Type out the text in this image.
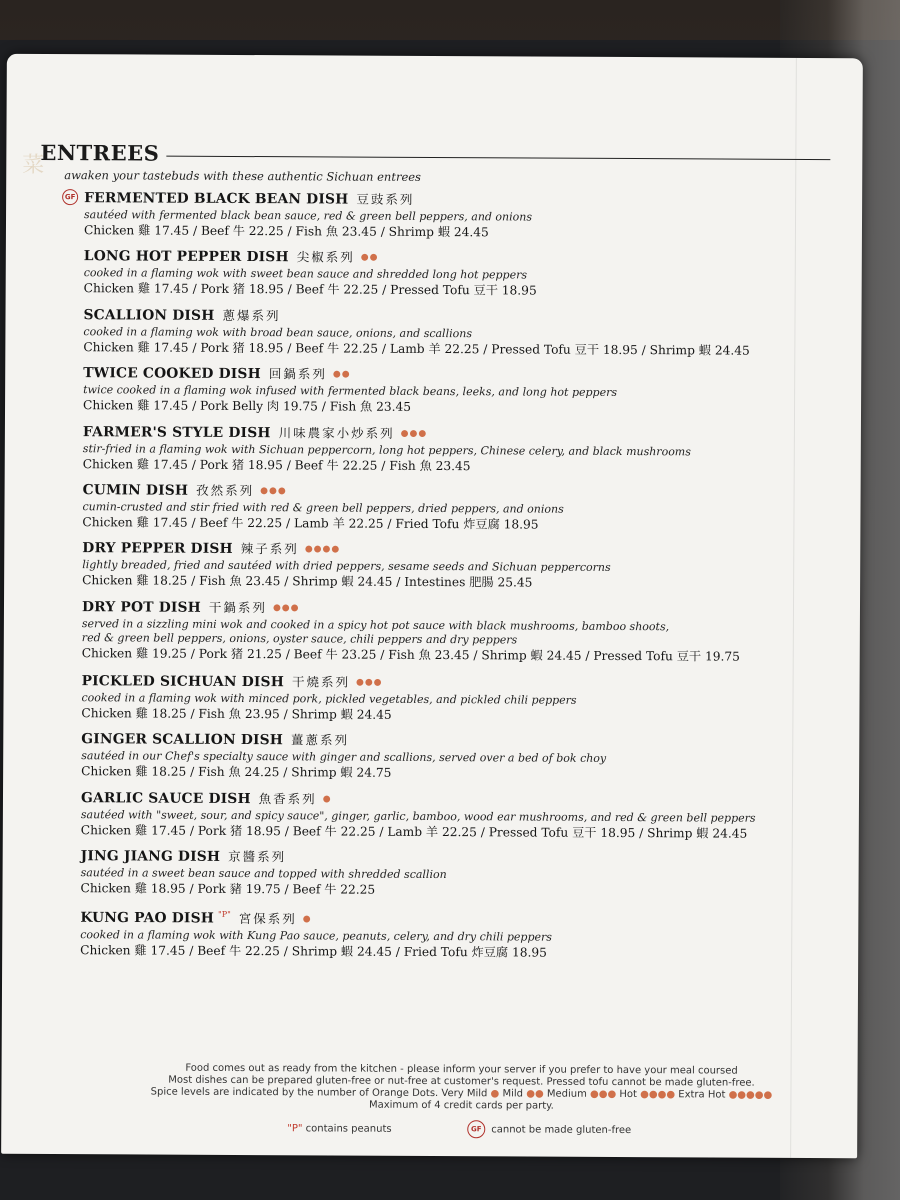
菜
ENTREES
awaken your tastebuds with these authentic Sichuan entrees
GF FERMENTED BLACK BEAN DISH 豆豉系列
sautéed with fermented black bean sauce, red & green bell peppers, and onions
Chicken 雞 17.45 / Beef 牛 22.25 / Fish 魚 23.45 / Shrimp 蝦 24.45
LONG HOT PEPPER DISH 尖椒系列 ●●
cooked in a flaming wok with sweet bean sauce and shredded long hot peppers
Chicken 雞 17.45 / Pork 猪 18.95 / Beef 牛 22.25 / Pressed Tofu 豆干 18.95
SCALLION DISH 蔥爆系列
cooked in a flaming wok with broad bean sauce, onions, and scallions
Chicken 雞 17.45 / Pork 猪 18.95 / Beef 牛 22.25 / Lamb 羊 22.25 / Pressed Tofu 豆干 18.95 / Shrimp 蝦 24.45
TWICE COOKED DISH 回鍋系列 ●●
twice cooked in a flaming wok infused with fermented black beans, leeks, and long hot peppers
Chicken 雞 17.45 / Pork Belly 肉 19.75 / Fish 魚 23.45
FARMER'S STYLE DISH 川味農家小炒系列 ●●●
stir-fried in a flaming wok with Sichuan peppercorn, long hot peppers, Chinese celery, and black mushrooms
Chicken 雞 17.45 / Pork 猪 18.95 / Beef 牛 22.25 / Fish 魚 23.45
CUMIN DISH 孜然系列 ●●●
cumin-crusted and stir fried with red & green bell peppers, dried peppers, and onions
Chicken 雞 17.45 / Beef 牛 22.25 / Lamb 羊 22.25 / Fried Tofu 炸豆腐 18.95
DRY PEPPER DISH 辣子系列 ●●●●
lightly breaded, fried and sautéed with dried peppers, sesame seeds and Sichuan peppercorns
Chicken 雞 18.25 / Fish 魚 23.45 / Shrimp 蝦 24.45 / Intestines 肥腸 25.45
DRY POT DISH 干鍋系列 ●●●
served in a sizzling mini wok and cooked in a spicy hot pot sauce with black mushrooms, bamboo shoots,
red & green bell peppers, onions, oyster sauce, chili peppers and dry peppers
Chicken 雞 19.25 / Pork 猪 21.25 / Beef 牛 23.25 / Fish 魚 23.45 / Shrimp 蝦 24.45 / Pressed Tofu 豆干 19.75
PICKLED SICHUAN DISH 干燒系列 ●●●
cooked in a flaming wok with minced pork, pickled vegetables, and pickled chili peppers
Chicken 雞 18.25 / Fish 魚 23.95 / Shrimp 蝦 24.45
GINGER SCALLION DISH 薑蔥系列
sautéed in our Chef's specialty sauce with ginger and scallions, served over a bed of bok choy
Chicken 雞 18.25 / Fish 魚 24.25 / Shrimp 蝦 24.75
GARLIC SAUCE DISH 魚香系列 ●
sautéed with "sweet, sour, and spicy sauce", ginger, garlic, bamboo, wood ear mushrooms, and red & green bell peppers
Chicken 雞 17.45 / Pork 猪 18.95 / Beef 牛 22.25 / Lamb 羊 22.25 / Pressed Tofu 豆干 18.95 / Shrimp 蝦 24.45
JING JIANG DISH 京醬系列
sautéed in a sweet bean sauce and topped with shredded scallion
Chicken 雞 18.95 / Pork 豬 19.75 / Beef 牛 22.25
KUNG PAO DISH $^{"P"}$ 宮保系列 ●
cooked in a flaming wok with Kung Pao sauce, peanuts, celery, and dry chili peppers
Chicken 雞 17.45 / Beef 牛 22.25 / Shrimp 蝦 24.45 / Fried Tofu 炸豆腐 18.95
Food comes out as ready from the kitchen - please inform your server if you prefer to have your meal coursed
Most dishes can be prepared gluten-free or nut-free at customer's request. Pressed tofu cannot be made gluten-free.
Spice levels are indicated by the number of Orange Dots. Very Mild ● Mild ●● Medium ●●● Hot ●●●● Extra Hot ●●●●●
Maximum of 4 credit cards per party.
"P" contains peanuts	GF cannot be made gluten-free
